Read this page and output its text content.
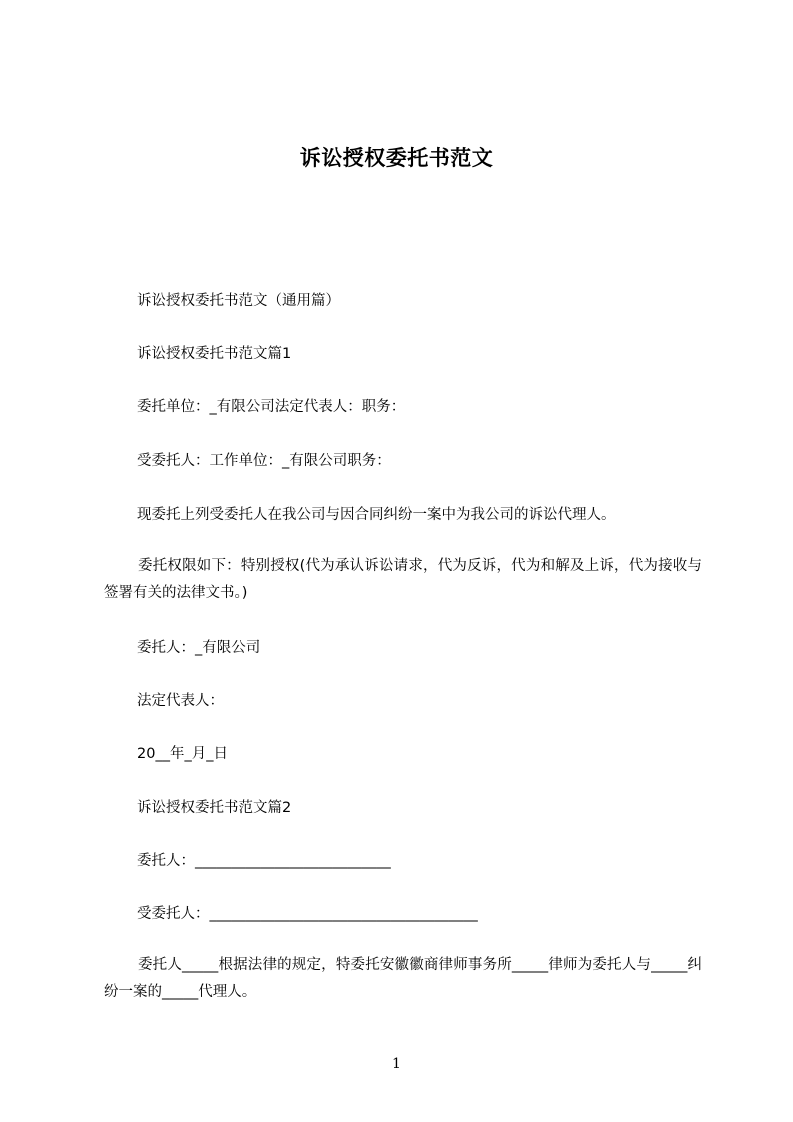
诉讼授权委托书范文
诉讼授权委托书范文（通用篇）
诉讼授权委托书范文篇1
委托单位：_有限公司法定代表人：职务：
受委托人：工作单位：_有限公司职务：
现委托上列受委托人在我公司与因合同纠纷一案中为我公司的诉讼代理人。
委托权限如下：特别授权(代为承认诉讼请求，代为反诉，代为和解及上诉，代为接收与签署有关的法律文书。)
委托人：_有限公司
法定代表人：
20__年_月_日
诉讼授权委托书范文篇2
委托人：___________________________
受委托人：_____________________________________
委托人_____根据法律的规定，特委托安徽徽商律师事务所_____律师为委托人与_____纠纷一案的_____代理人。
1
